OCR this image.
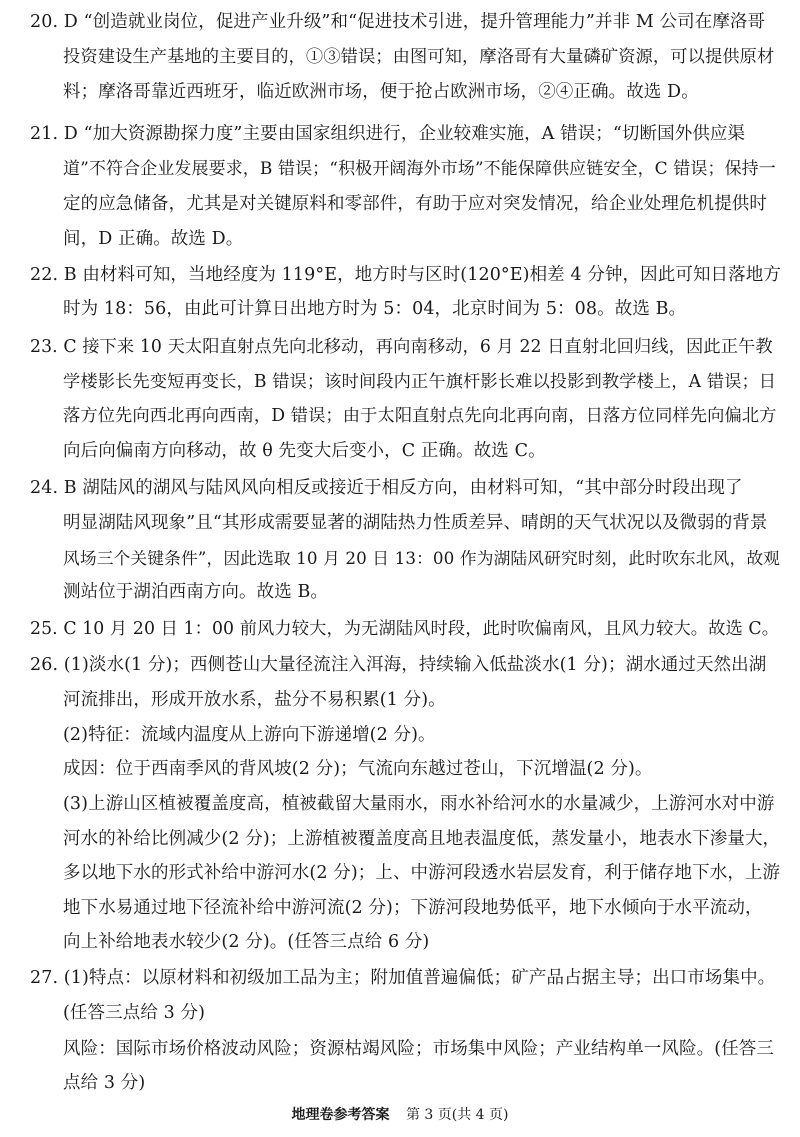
20. D “创造就业岗位，促进产业升级”和“促进技术引进，提升管理能力”并非 M 公司在摩洛哥
投资建设生产基地的主要目的，①③错误；由图可知，摩洛哥有大量磷矿资源，可以提供原材
料；摩洛哥靠近西班牙，临近欧洲市场，便于抢占欧洲市场，②④正确。故选 D。
21. D “加大资源勘探力度”主要由国家组织进行，企业较难实施，A 错误；“切断国外供应渠
道”不符合企业发展要求，B 错误；“积极开阔海外市场”不能保障供应链安全，C 错误；保持一
定的应急储备，尤其是对关键原料和零部件，有助于应对突发情况，给企业处理危机提供时
间，D 正确。故选 D。
22. B 由材料可知，当地经度为 119°E，地方时与区时(120°E)相差 4 分钟，因此可知日落地方
时为 18：56，由此可计算日出地方时为 5：04，北京时间为 5：08。故选 B。
23. C 接下来 10 天太阳直射点先向北移动，再向南移动，6 月 22 日直射北回归线，因此正午教
学楼影长先变短再变长，B 错误；该时间段内正午旗杆影长难以投影到教学楼上，A 错误；日
落方位先向西北再向西南，D 错误；由于太阳直射点先向北再向南，日落方位同样先向偏北方
向后向偏南方向移动，故 θ 先变大后变小，C 正确。故选 C。
24. B 湖陆风的湖风与陆风风向相反或接近于相反方向，由材料可知，“其中部分时段出现了
明显湖陆风现象”且“其形成需要显著的湖陆热力性质差异、晴朗的天气状况以及微弱的背景
风场三个关键条件”，因此选取 10 月 20 日 13：00 作为湖陆风研究时刻，此时吹东北风，故观
测站位于湖泊西南方向。故选 B。
25. C 10 月 20 日 1：00 前风力较大，为无湖陆风时段，此时吹偏南风，且风力较大。故选 C。
26. (1)淡水(1 分)；西侧苍山大量径流注入洱海，持续输入低盐淡水(1 分)；湖水通过天然出湖
河流排出，形成开放水系，盐分不易积累(1 分)。
(2)特征：流域内温度从上游向下游递增(2 分)。
成因：位于西南季风的背风坡(2 分)；气流向东越过苍山，下沉增温(2 分)。
(3)上游山区植被覆盖度高，植被截留大量雨水，雨水补给河水的水量减少，上游河水对中游
河水的补给比例减少(2 分)；上游植被覆盖度高且地表温度低，蒸发量小，地表水下渗量大，
多以地下水的形式补给中游河水(2 分)；上、中游河段透水岩层发育，利于储存地下水，上游
地下水易通过地下径流补给中游河流(2 分)；下游河段地势低平，地下水倾向于水平流动，
向上补给地表水较少(2 分)。(任答三点给 6 分)
27. (1)特点：以原材料和初级加工品为主；附加值普遍偏低；矿产品占据主导；出口市场集中。
(任答三点给 3 分)
风险：国际市场价格波动风险；资源枯竭风险；市场集中风险；产业结构单一风险。(任答三
点给 3 分)
地理卷参考答案 第 3 页(共 4 页)
